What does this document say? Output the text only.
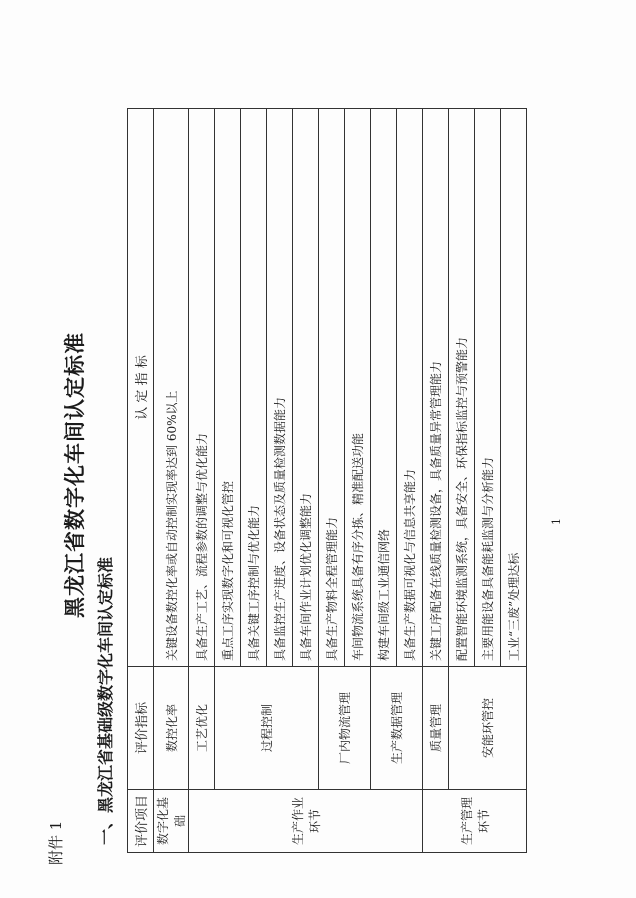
附件 1
黑龙江省数字化车间认定标准
一、黑龙江省基础级数字化车间认定标准 评价项目	评价指标	认 定 指 标
数字化基础	数控化率	关键设备数控化率或自动控制实现率达到 60%以上
生产作业环节	工艺优化	具备生产工艺、流程参数的调整与优化能力
	过程控制	重点工序实现数字化和可视化管控
		具备关键工序控制与优化能力
		具备监控生产进度、设备状态及质量检测数据能力
		具备车间作业计划优化调整能力
	厂内物流管理	具备生产物料全程管理能力
		车间物流系统具备有序分拣、精准配送功能
	生产数据管理	构建车间级工业通信网络
		具备生产数据可视化与信息共享能力
生产管理环节	质量管理	关键工序配备在线质量检测设备，具备质量异常管理能力
	安能环管控	配置智能环境监测系统，具备安全、环保指标监控与预警能力
		主要用能设备具备能耗监测与分析能力
		工业“三废”处理达标
1
